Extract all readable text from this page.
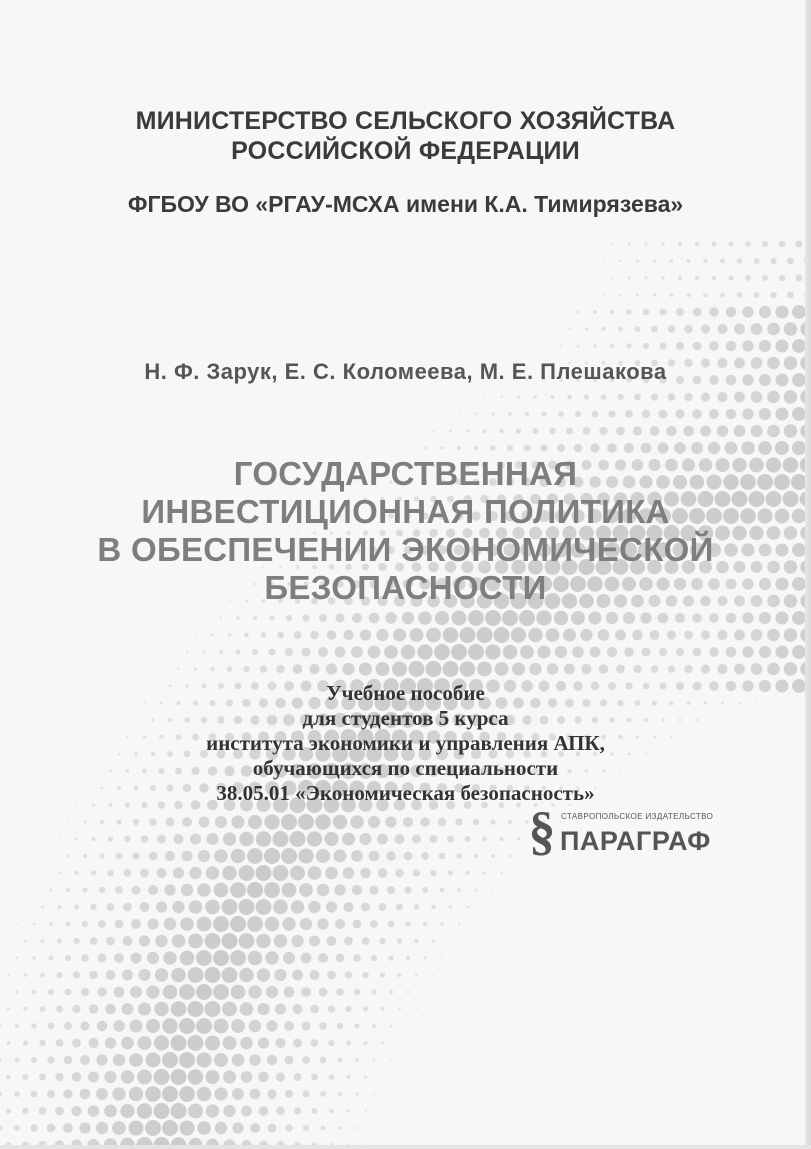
МИНИСТЕРСТВО СЕЛЬСКОГО ХОЗЯЙСТВА
РОССИЙСКОЙ ФЕДЕРАЦИИ
ФГБОУ ВО «РГАУ-МСХА имени К.А. Тимирязева»
Н. Ф. Зарук, Е. С. Коломеева, М. Е. Плешакова
ГОСУДАРСТВЕННАЯ
ИНВЕСТИЦИОННАЯ ПОЛИТИКА
В ОБЕСПЕЧЕНИИ ЭКОНОМИЧЕСКОЙ
БЕЗОПАСНОСТИ
Учебное пособие
для студентов 5 курса
института экономики и управления АПК,
обучающихся по специальности
38.05.01 «Экономическая безопасность»
§ СТАВРОПОЛЬСКОЕ ИЗДАТЕЛЬСТВО
ПАРАГРАФ
